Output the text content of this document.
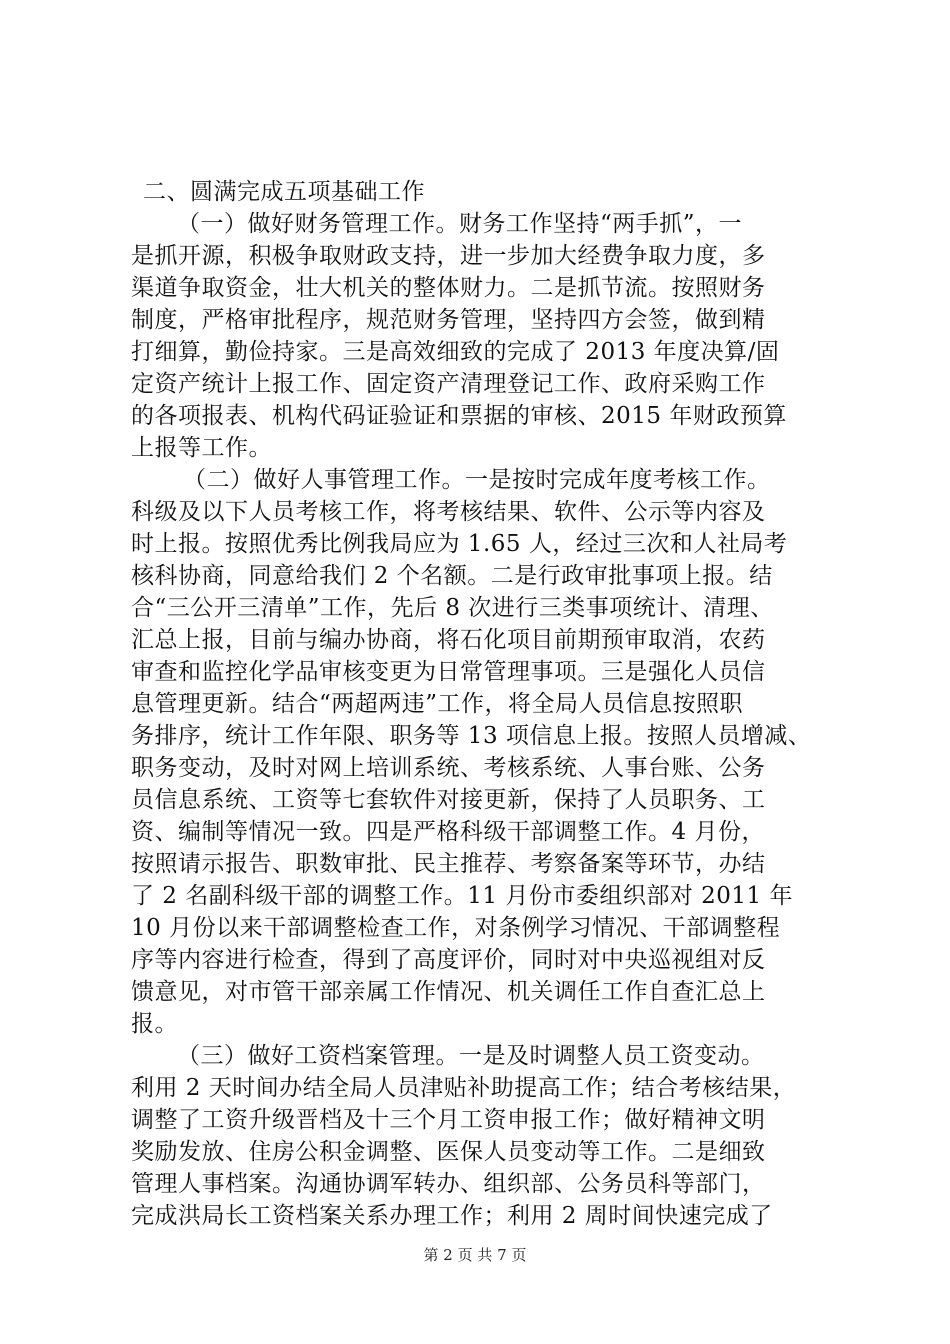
二、圆满完成五项基础工作
（一）做好财务管理工作。财务工作坚持“两手抓”，一
是抓开源，积极争取财政支持，进一步加大经费争取力度，多
渠道争取资金，壮大机关的整体财力。二是抓节流。按照财务
制度，严格审批程序，规范财务管理，坚持四方会签，做到精
打细算，勤俭持家。三是高效细致的完成了 2013 年度决算/固
定资产统计上报工作、固定资产清理登记工作、政府采购工作
的各项报表、机构代码证验证和票据的审核、2015 年财政预算
上报等工作。
（二）做好人事管理工作。一是按时完成年度考核工作。
科级及以下人员考核工作，将考核结果、软件、公示等内容及
时上报。按照优秀比例我局应为 1.65 人，经过三次和人社局考
核科协商，同意给我们 2 个名额。二是行政审批事项上报。结
合“三公开三清单”工作，先后 8 次进行三类事项统计、清理、
汇总上报，目前与编办协商，将石化项目前期预审取消，农药
审查和监控化学品审核变更为日常管理事项。三是强化人员信
息管理更新。结合“两超两违”工作，将全局人员信息按照职
务排序，统计工作年限、职务等 13 项信息上报。按照人员增减、
职务变动，及时对网上培训系统、考核系统、人事台账、公务
员信息系统、工资等七套软件对接更新，保持了人员职务、工
资、编制等情况一致。四是严格科级干部调整工作。4 月份，
按照请示报告、职数审批、民主推荐、考察备案等环节，办结
了 2 名副科级干部的调整工作。11 月份市委组织部对 2011 年
10 月份以来干部调整检查工作，对条例学习情况、干部调整程
序等内容进行检查，得到了高度评价，同时对中央巡视组对反
馈意见，对市管干部亲属工作情况、机关调任工作自查汇总上
报。
（三）做好工资档案管理。一是及时调整人员工资变动。
利用 2 天时间办结全局人员津贴补助提高工作；结合考核结果，
调整了工资升级晋档及十三个月工资申报工作；做好精神文明
奖励发放、住房公积金调整、医保人员变动等工作。二是细致
管理人事档案。沟通协调军转办、组织部、公务员科等部门，
完成洪局长工资档案关系办理工作；利用 2 周时间快速完成了
第 2 页 共 7 页
